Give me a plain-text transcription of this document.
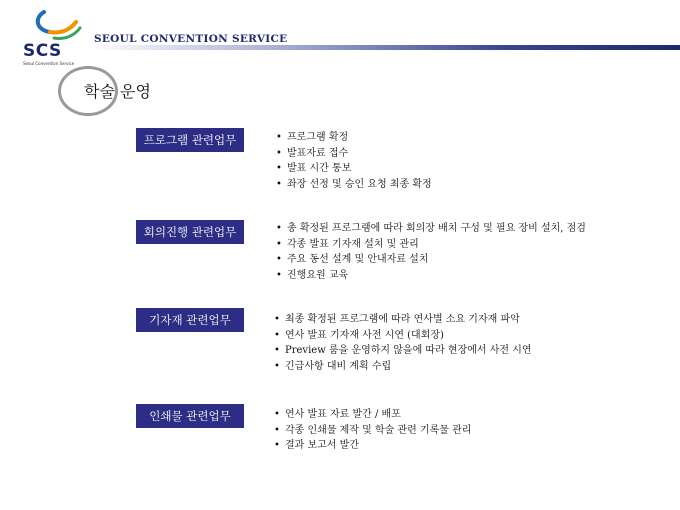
SCS
Seoul Convention Service
SEOUL CONVENTION SERVICE
학술 운영
프로그램 관련업무	• 프로그램 확정
• 발표자료 접수
• 발표 시간 통보
• 좌장 선정 및 승인 요청 최종 확정
회의진행 관련업무	• 총 확정된 프로그램에 따라 회의장 배치 구성 및 필요 장비 설치, 점검
• 각종 발표 기자재 설치 및 관리
• 주요 동선 설계 및 안내자료 설치
• 진행요원 교육
기자재 관련업무	• 최종 확정된 프로그램에 따라 연사별 소요 기자재 파악
• 연사 발표 기자재 사전 시연 (대회장)
• Preview 룸을 운영하지 않을에 따라 현장에서 사전 시연
• 긴급사항 대비 계획 수립
인쇄물 관련업무	• 연사 발표 자료 발간 / 배포
• 각종 인쇄물 제작 및 학술 관련 기록물 관리
• 결과 보고서 발간
